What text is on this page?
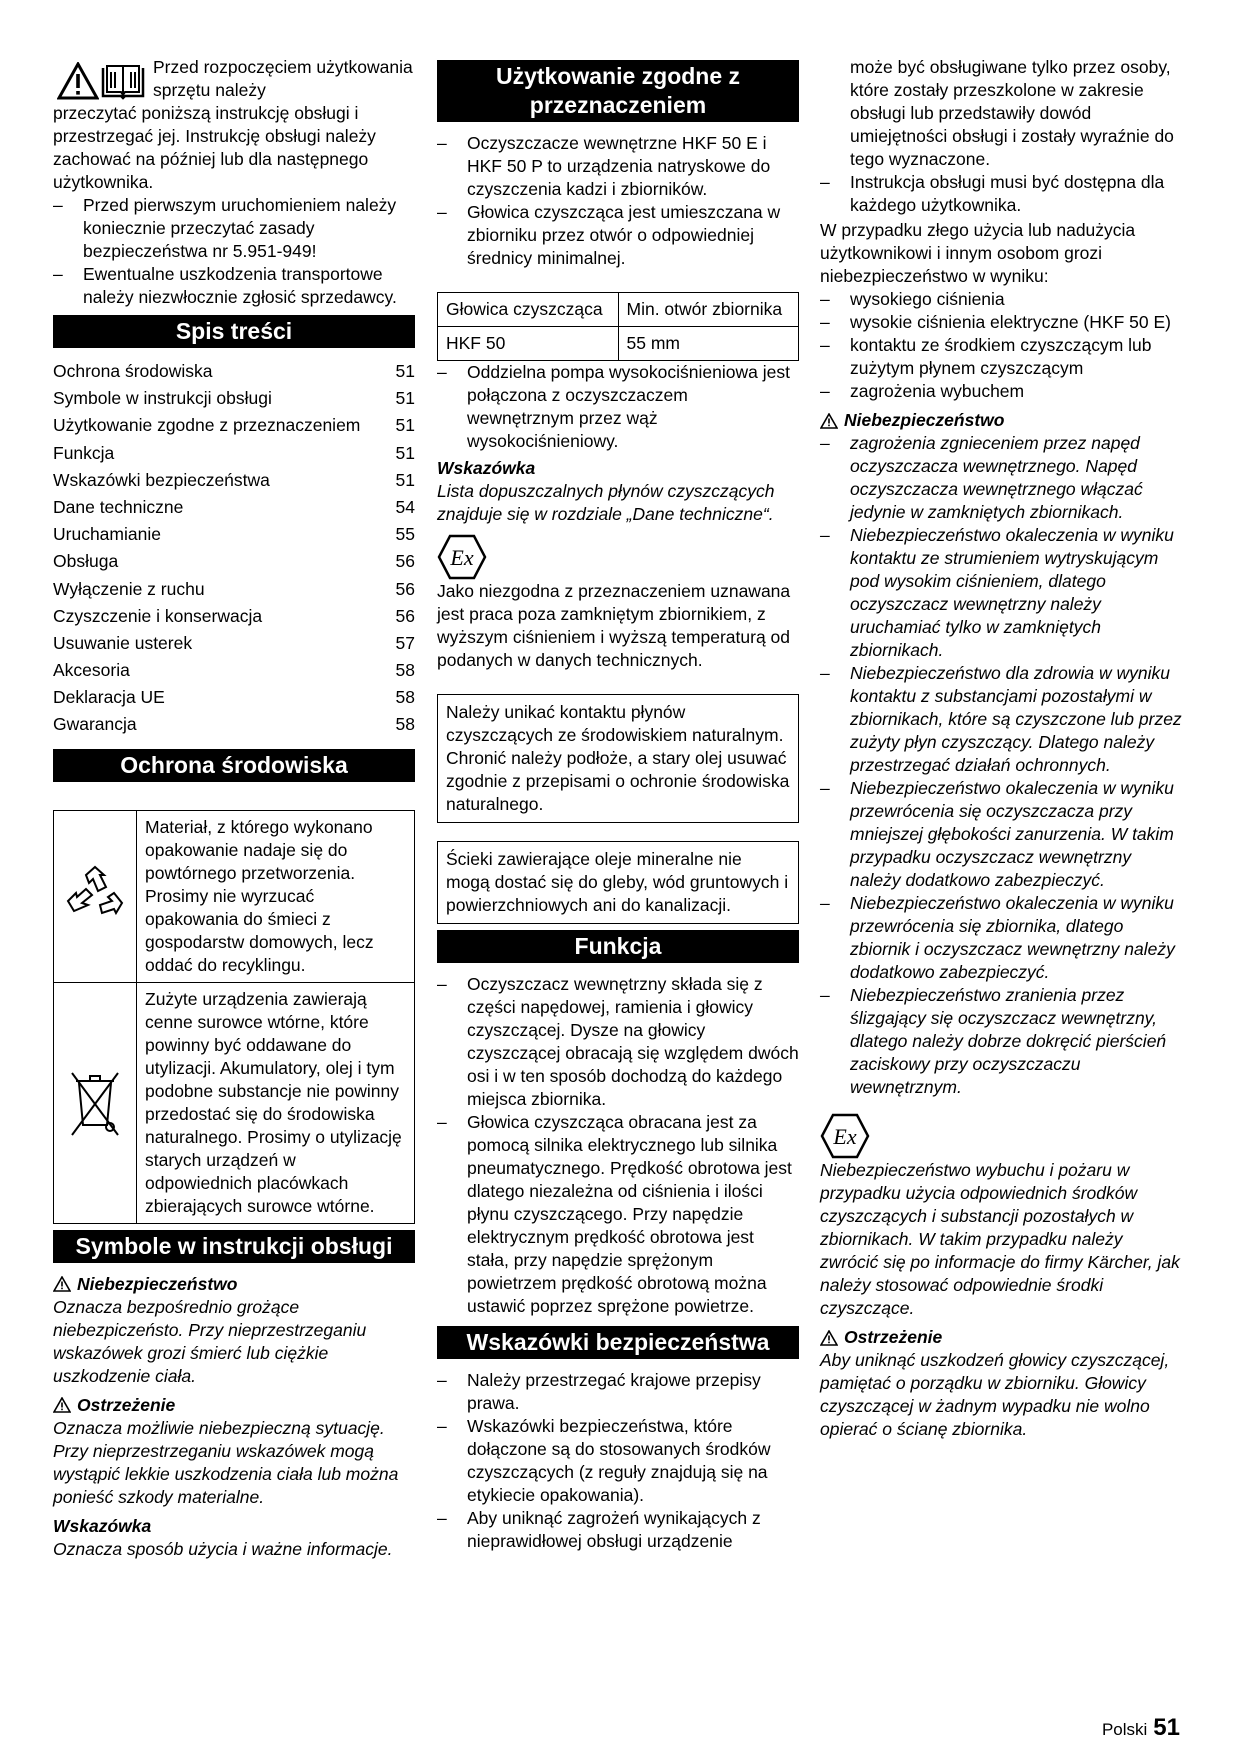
Przed rozpoczęciem użytkowania sprzętu należy

przeczytać poniższą instrukcję obsługi i przestrzegać jej. Instrukcję obsługi należy zachować na później lub dla następnego użytkownika.

–	Przed pierwszym uruchomieniem należy koniecznie przeczytać zasady bezpieczeństwa nr 5.951-949!
–	Ewentualne uszkodzenia transportowe należy niezwłocznie zgłosić sprzedawcy.
Spis treści
Ochrona środowiska	51
Symbole w instrukcji obsługi	51
Użytkowanie zgodne z przeznaczeniem 51
Funkcja	51
Wskazówki bezpieczeństwa	51
Dane techniczne	54
Uruchamianie	55
Obsługa	56
Wyłączenie z ruchu	56
Czyszczenie i konserwacja	56
Usuwanie usterek	57
Akcesoria	58
Deklaracja UE	58
Gwarancja	58
Ochrona środowiska
	Materiał, z którego wykonano opakowanie nadaje się do powtórnego przetworzenia. Prosimy nie wyrzucać opakowania do śmieci z gospodarstw domowych, lecz oddać do recyklingu.

	Zużyte urządzenia zawierają cenne surowce wtórne, które powinny być oddawane do utylizacji. Akumulatory, olej i tym podobne substancje nie powinny przedostać się do środowiska naturalnego. Prosimy o utylizację starych urządzeń w odpowiednich placówkach zbierających surowce wtórne.
Symbole w instrukcji obsługi
Niebezpieczeństwo

Oznacza bezpośrednio grożące niebezpiczeństo. Przy nieprzestrzeganiu wskazówek grozi śmierć lub ciężkie uszkodzenie ciała.

Ostrzeżenie

Oznacza możliwie niebezpieczną sytuację. Przy nieprzestrzeganiu wskazówek mogą wystąpić lekkie uszkodzenia ciała lub można ponieść szkody materialne.

Wskazówka

Oznacza sposób użycia i ważne informacje.

Użytkowanie zgodne z przeznaczeniem
–	Oczyszczacze wewnętrzne HKF 50 E i HKF 50 P to urządzenia natryskowe do czyszczenia kadzi i zbiorników.
–	Głowica czyszcząca jest umieszczana w zbiorniku przez otwór o odpowiedniej średnicy minimalnej.
Głowica czyszcząca	Min. otwór zbiornika
HKF 50	55 mm
–	Oddzielna pompa wysokociśnieniowa jest połączona z oczyszczaczem wewnętrznym przez wąż wysokociśnieniowy.

Wskazówka

Lista dopuszczalnych płynów czyszczących znajduje się w rozdziale „Dane techniczne“.

Ex

Jako niezgodna z przeznaczeniem uznawana jest praca poza zamkniętym zbiornikiem, z wyższym ciśnieniem i wyższą temperaturą od podanych w danych technicznych.

Należy unikać kontaktu płynów czyszczących ze środowiskiem naturalnym. Chronić należy podłoże, a stary olej usuwać zgodnie z przepisami o ochronie środowiska naturalnego.
Ścieki zawierające oleje mineralne nie mogą dostać się do gleby, wód gruntowych i powierzchniowych ani do kanalizacji.
Funkcja
–	Oczyszczacz wewnętrzny składa się z części napędowej, ramienia i głowicy czyszczącej. Dysze na głowicy czyszczącej obracają się względem dwóch osi i w ten sposób dochodzą do każdego miejsca zbiornika.
–	Głowica czyszcząca obracana jest za pomocą silnika elektrycznego lub silnika pneumatycznego. Prędkość obrotowa jest dlatego niezależna od ciśnienia i ilości płynu czyszczącego. Przy napędzie elektrycznym prędkość obrotowa jest stała, przy napędzie sprężonym powietrzem prędkość obrotową można ustawić poprzez sprężone powietrze.
Wskazówki bezpieczeństwa
–	Należy przestrzegać krajowe przepisy prawa.
–	Wskazówki bezpieczeństwa, które dołączone są do stosowanych środków czyszczących (z reguły znajdują się na etykiecie opakowania).
–	Aby uniknąć zagrożeń wynikających z nieprawidłowej obsługi urządzenie

może być obsługiwane tylko przez osoby, które zostały przeszkolone w zakresie obsługi lub przedstawiły dowód umiejętności obsługi i zostały wyraźnie do tego wyznaczone.

–	Instrukcja obsługi musi być dostępna dla każdego użytkownika.

W przypadku złego użycia lub nadużycia użytkownikowi i innym osobom grozi niebezpieczeństwo w wyniku:

–	wysokiego ciśnienia
–	wysokie ciśnienia elektryczne (HKF 50 E)
–	kontaktu ze środkiem czyszczącym lub zużytym płynem czyszczącym
–	zagrożenia wybuchem
Niebezpieczeństwo
–	zagrożenia zgnieceniem przez napęd oczyszczacza wewnętrznego. Napęd oczyszczacza wewnętrznego włączać jedynie w zamkniętych zbiornikach.
–	Niebezpieczeństwo okaleczenia w wyniku kontaktu ze strumieniem wytryskującym pod wysokim ciśnieniem, dlatego oczyszczacz wewnętrzny należy uruchamiać tylko w zamkniętych zbiornikach.
–	Niebezpieczeństwo dla zdrowia w wyniku kontaktu z substancjami pozostałymi w zbiornikach, które są czyszczone lub przez zużyty płyn czyszczący. Dlatego należy przestrzegać działań ochronnych.
–	Niebezpieczeństwo okaleczenia w wyniku przewrócenia się oczyszczacza przy mniejszej głębokości zanurzenia. W takim przypadku oczyszczacz wewnętrzny należy dodatkowo zabezpieczyć.
–	Niebezpieczeństwo okaleczenia w wyniku przewrócenia się zbiornika, dlatego zbiornik i oczyszczacz wewnętrzny należy dodatkowo zabezpieczyć.
–	Niebezpieczeństwo zranienia przez ślizgający się oczyszczacz wewnętrzny, dlatego należy dobrze dokręcić pierścień zaciskowy przy oczyszczaczu wewnętrznym.
Ex

Niebezpieczeństwo wybuchu i pożaru w przypadku użycia odpowiednich środków czyszczących i substancji pozostałych w zbiornikach. W takim przypadku należy zwrócić się po informacje do firmy Kärcher, jak należy stosować odpowiednie środki czyszczące.

Ostrzeżenie

Aby uniknąć uszkodzeń głowicy czyszczącej, pamiętać o porządku w zbiorniku. Głowicy czyszczącej w żadnym wypadku nie wolno opierać o ścianę zbiornika.

Polski 51
